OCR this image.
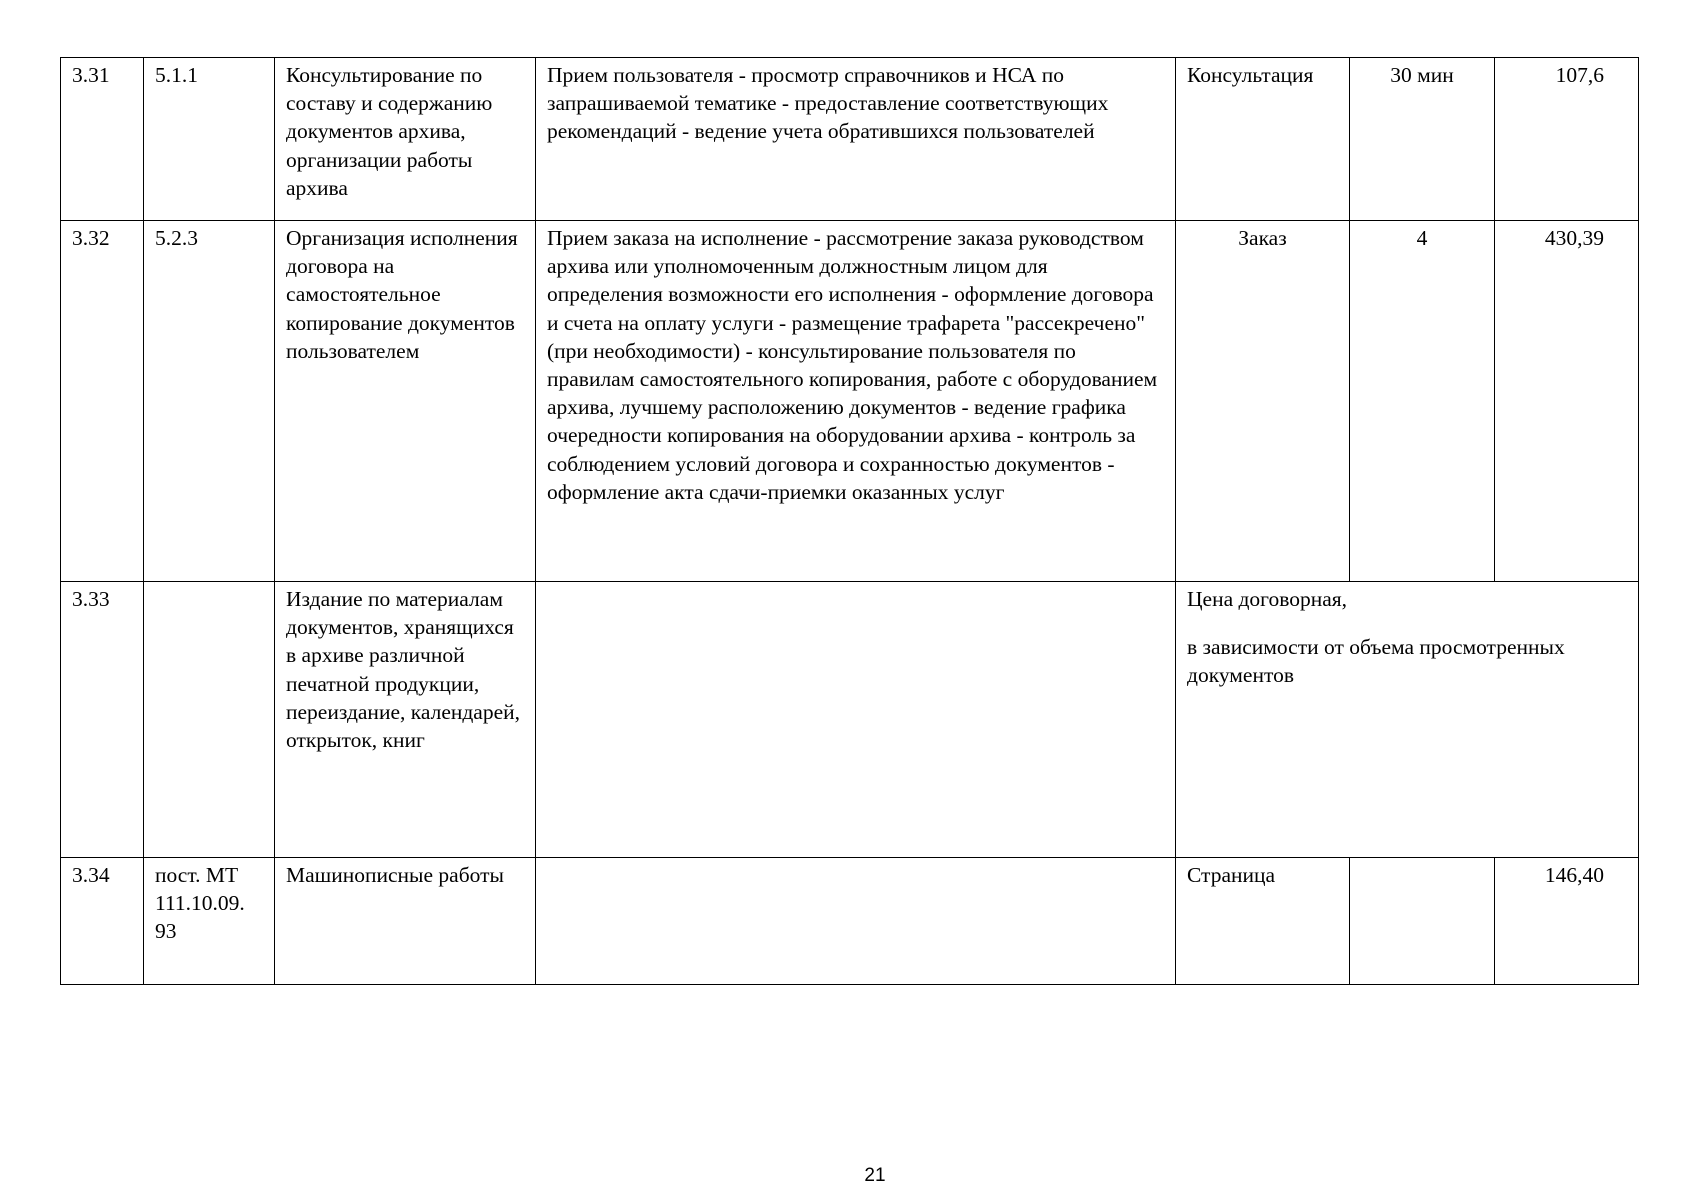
3.31	5.1.1	Консультирование по составу и содержанию документов архива, организации работы архива	Прием пользователя - просмотр справочников и НСА по запрашиваемой тематике - предоставление соответствующих рекомендаций - ведение учета обратившихся пользователей	Консультация	30 мин	107,6
3.32	5.2.3	Организация исполнения договора на самостоятельное копирование документов пользователем	Прием заказа на исполнение - рассмотрение заказа руководством архива или уполномоченным должностным лицом для определения возможности его исполнения - оформление договора и счета на оплату услуги - размещение трафарета "рассекречено" (при необходимости) - консультирование пользователя по правилам самостоятельного копирования, работе с оборудованием архива, лучшему расположению документов - ведение графика очередности копирования на оборудовании архива - контроль за соблюдением условий договора и сохранностью документов - оформление акта сдачи-приемки оказанных услуг	Заказ	4	430,39
3.33		Издание по материалам документов, хранящихся в архиве различной печатной продукции, переиздание, календарей, открыток, книг		Цена договорная,
в зависимости от объема просмотренных документов		

3.34	пост. МТ 111.10.09. 93	Машинописные работы		Страница		146,40
21
